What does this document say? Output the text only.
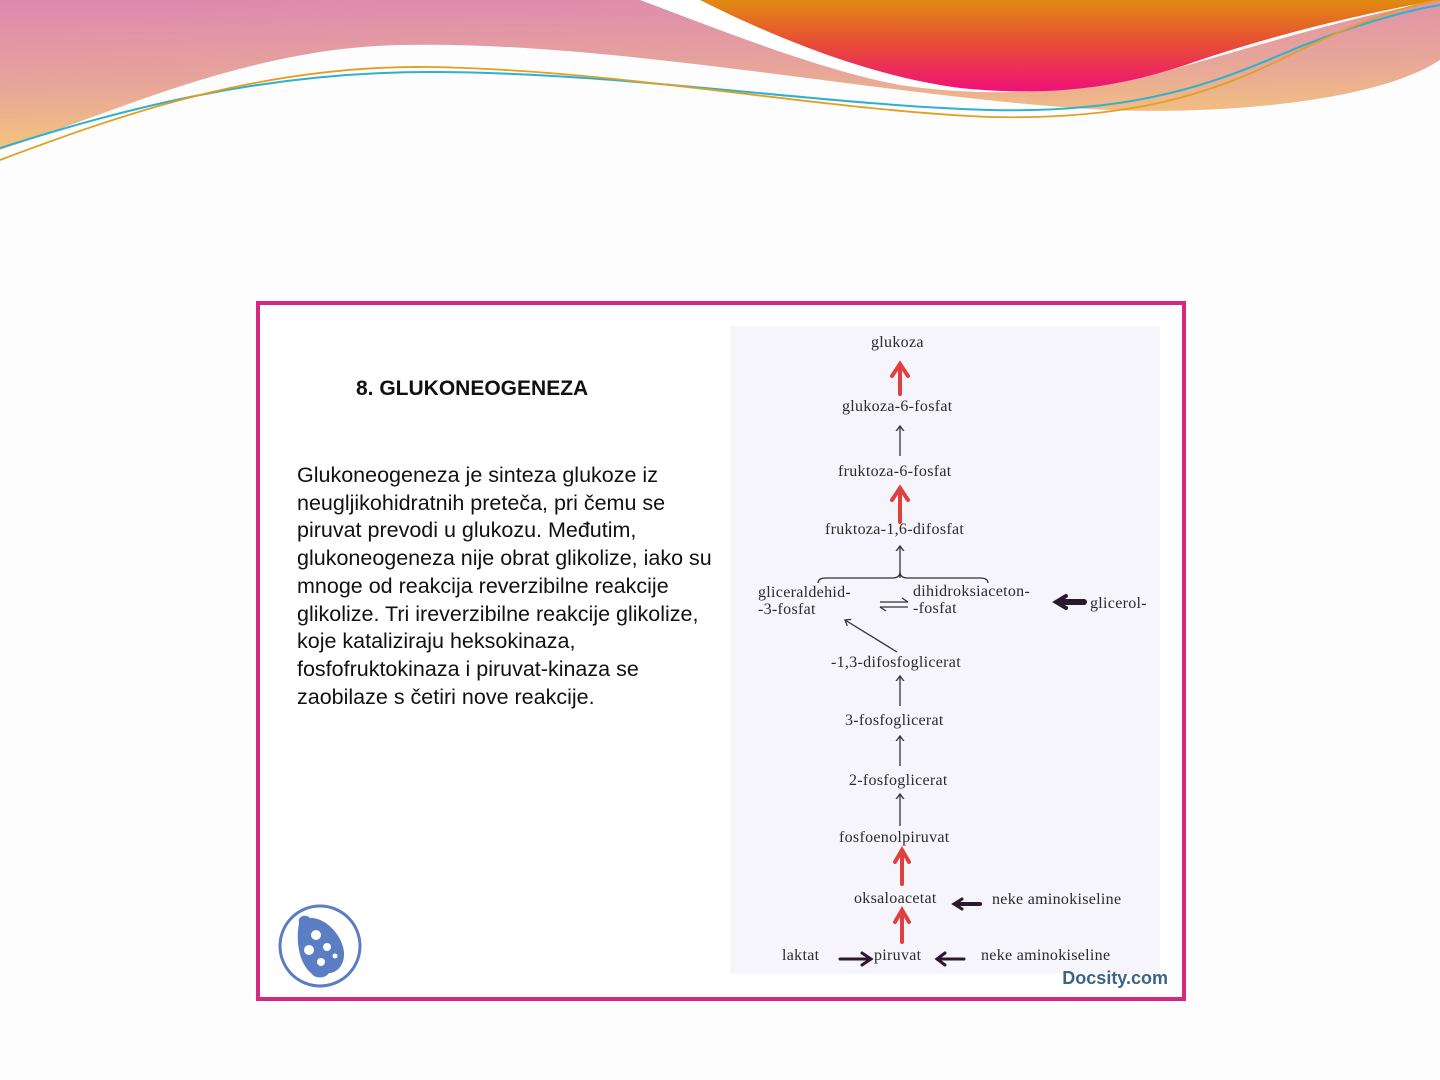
8. GLUKONEOGENEZA
Glukoneogeneza je sinteza glukoze iz neugljikohidratnih preteča, pri čemu se piruvat prevodi u glukozu. Međutim, glukoneogeneza nije obrat glikolize, iako su mnoge od reakcija reverzibilne reakcije glikolize. Tri ireverzibilne reakcije glikolize, koje kataliziraju heksokinaza, fosfofruktokinaza i piruvat-kinaza se zaobilaze s četiri nove reakcije.
glukoza
glukoza-6-fosfat
fruktoza-6-fosfat
fruktoza-1,6-difosfat
gliceraldehid-
-3-fosfat
dihidroksiaceton-
-fosfat	glicerol-
-1,3-difosfoglicerat
3-fosfoglicerat
2-fosfoglicerat
fosfoenolpiruvat
oksaloacetat	neke aminokiseline
laktat	piruvat	neke aminokiseline
Docsity.com
